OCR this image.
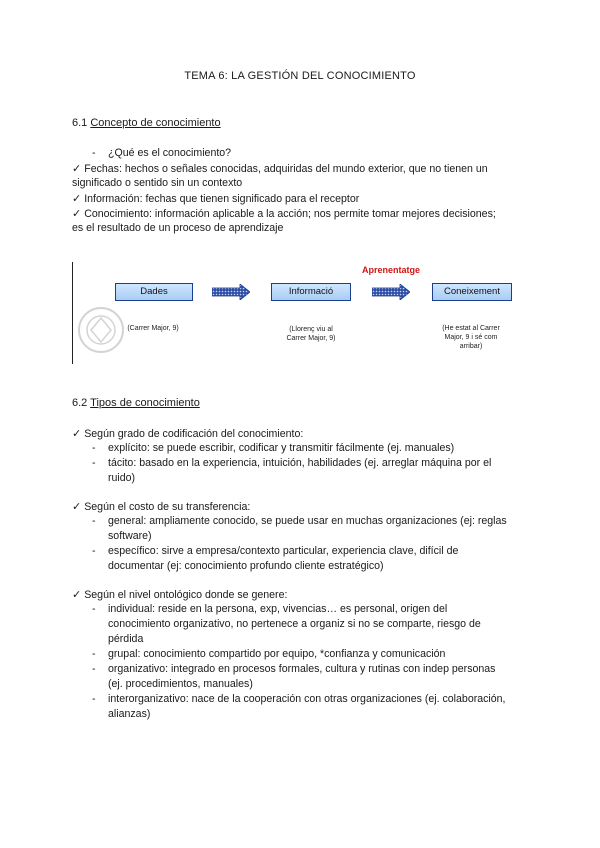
TEMA 6: LA GESTIÓN DEL CONOCIMIENTO
6.1 Concepto de conocimiento
- ¿Qué es el conocimiento?
✓ Fechas: hechos o señales conocidas, adquiridas del mundo exterior, que no tienen un
significado o sentido sin un contexto
✓ Información: fechas que tienen significado para el receptor
✓ Conocimiento: información aplicable a la acción; nos permite tomar mejores decisiones;
es el resultado de un proceso de aprendizaje
Aprenentatge
Dades	Informació	Coneixement
(Carrer Major, 9)	(Llorenç viu al
Carrer Major, 9)
(He estat al Carrer
Major, 9 i sé com
arribar)
6.2 Tipos de conocimiento
✓ Según grado de codificación del conocimiento:
- explícito: se puede escribir, codificar y transmitir fácilmente (ej. manuales)
- tácito: basado en la experiencia, intuición, habilidades (ej. arreglar máquina por el
ruido)
✓ Según el costo de su transferencia:
- general: ampliamente conocido, se puede usar en muchas organizaciones (ej: reglas
software)
- específico: sirve a empresa/contexto particular, experiencia clave, difícil de
documentar (ej: conocimiento profundo cliente estratégico)
✓ Según el nivel ontológico donde se genere:
- individual: reside en la persona, exp, vivencias… es personal, origen del
conocimiento organizativo, no pertenece a organiz si no se comparte, riesgo de
pérdida
- grupal: conocimiento compartido por equipo, *confianza y comunicación
- organizativo: integrado en procesos formales, cultura y rutinas con indep personas
(ej. procedimientos, manuales)
- interorganizativo: nace de la cooperación con otras organizaciones (ej. colaboración,
alianzas)
